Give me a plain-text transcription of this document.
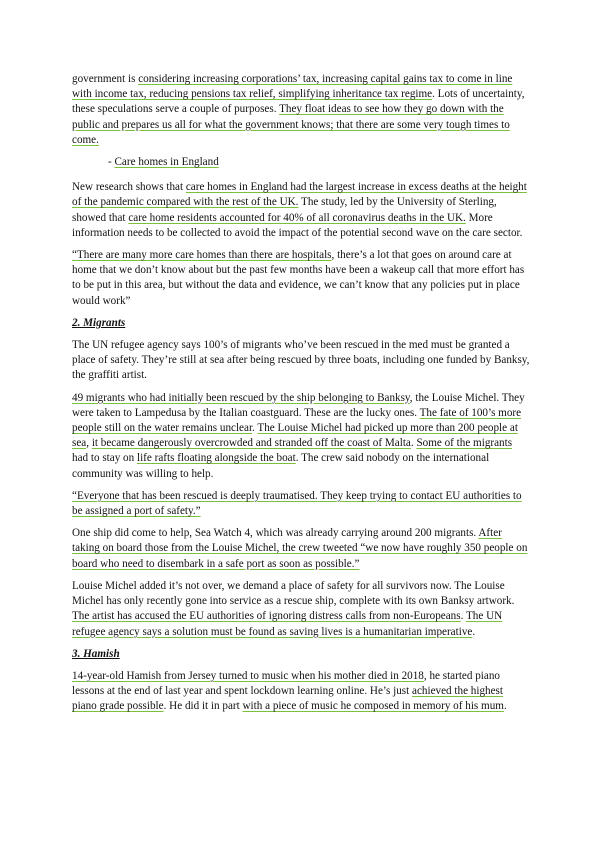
government is considering increasing corporations’ tax, increasing capital gains tax to come in line with income tax, reducing pensions tax relief, simplifying inheritance tax regime. Lots of uncertainty, these speculations serve a couple of purposes. They float ideas to see how they go down with the public and prepares us all for what the government knows; that there are some very tough times to come.

- Care homes in England

New research shows that care homes in England had the largest increase in excess deaths at the height of the pandemic compared with the rest of the UK. The study, led by the University of Sterling, showed that care home residents accounted for 40% of all coronavirus deaths in the UK. More information needs to be collected to avoid the impact of the potential second wave on the care sector.

“There are many more care homes than there are hospitals, there’s a lot that goes on around care at home that we don’t know about but the past few months have been a wakeup call that more effort has to be put in this area, but without the data and evidence, we can’t know that any policies put in place would work”

2. Migrants

The UN refugee agency says 100’s of migrants who’ve been rescued in the med must be granted a place of safety. They’re still at sea after being rescued by three boats, including one funded by Banksy, the graffiti artist.

49 migrants who had initially been rescued by the ship belonging to Banksy, the Louise Michel. They were taken to Lampedusa by the Italian coastguard. These are the lucky ones. The fate of 100’s more people still on the water remains unclear. The Louise Michel had picked up more than 200 people at sea, it became dangerously overcrowded and stranded off the coast of Malta. Some of the migrants had to stay on life rafts floating alongside the boat. The crew said nobody on the international community was willing to help.

“Everyone that has been rescued is deeply traumatised. They keep trying to contact EU authorities to be assigned a port of safety.”

One ship did come to help, Sea Watch 4, which was already carrying around 200 migrants. After taking on board those from the Louise Michel, the crew tweeted “we now have roughly 350 people on board who need to disembark in a safe port as soon as possible.”

Louise Michel added it’s not over, we demand a place of safety for all survivors now. The Louise Michel has only recently gone into service as a rescue ship, complete with its own Banksy artwork. The artist has accused the EU authorities of ignoring distress calls from non-Europeans. The UN refugee agency says a solution must be found as saving lives is a humanitarian imperative.

3. Hamish

14-year-old Hamish from Jersey turned to music when his mother died in 2018, he started piano lessons at the end of last year and spent lockdown learning online. He’s just achieved the highest piano grade possible. He did it in part with a piece of music he composed in memory of his mum.
